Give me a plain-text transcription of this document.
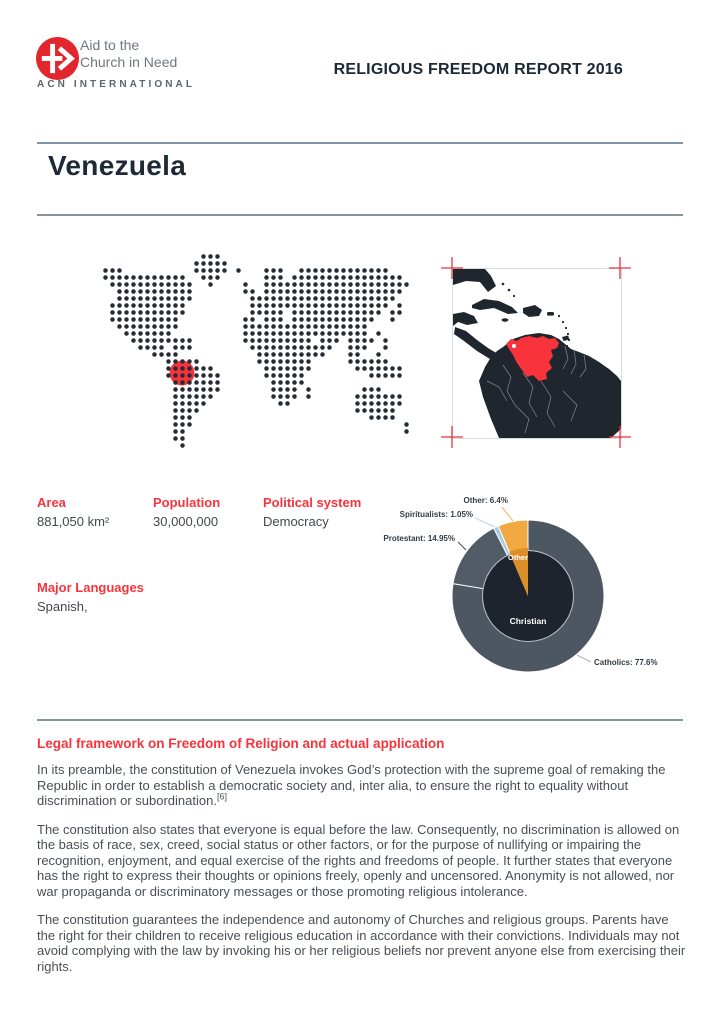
Aid to the
Church in Need
ACN INTERNATIONAL
RELIGIOUS FREEDOM REPORT 2016
Venezuela
Area
881,050 km²
Population
30,000,000
Political system
Democracy
Major Languages
Spanish,
Other: 6.4%
Spiritualists: 1.05%
Protestant: 14.95%
Catholics: 77.6%
Other
Christian
Legal framework on Freedom of Religion and actual application

In its preamble, the constitution of Venezuela invokes God’s protection with the supreme goal of remaking the Republic in order to establish a democratic society and, inter alia, to ensure the right to equality without discrimination or subordination.[6]

The constitution also states that everyone is equal before the law. Consequently, no discrimination is allowed on the basis of race, sex, creed, social status or other factors, or for the purpose of nullifying or impairing the recognition, enjoyment, and equal exercise of the rights and freedoms of people. It further states that everyone has the right to express their thoughts or opinions freely, openly and uncensored. Anonymity is not allowed, nor war propaganda or discriminatory messages or those promoting religious intolerance.

The constitution guarantees the independence and autonomy of Churches and religious groups. Parents have the right for their children to receive religious education in accordance with their convictions. Individuals may not avoid complying with the law by invoking his or her religious beliefs nor prevent anyone else from exercising their rights.
